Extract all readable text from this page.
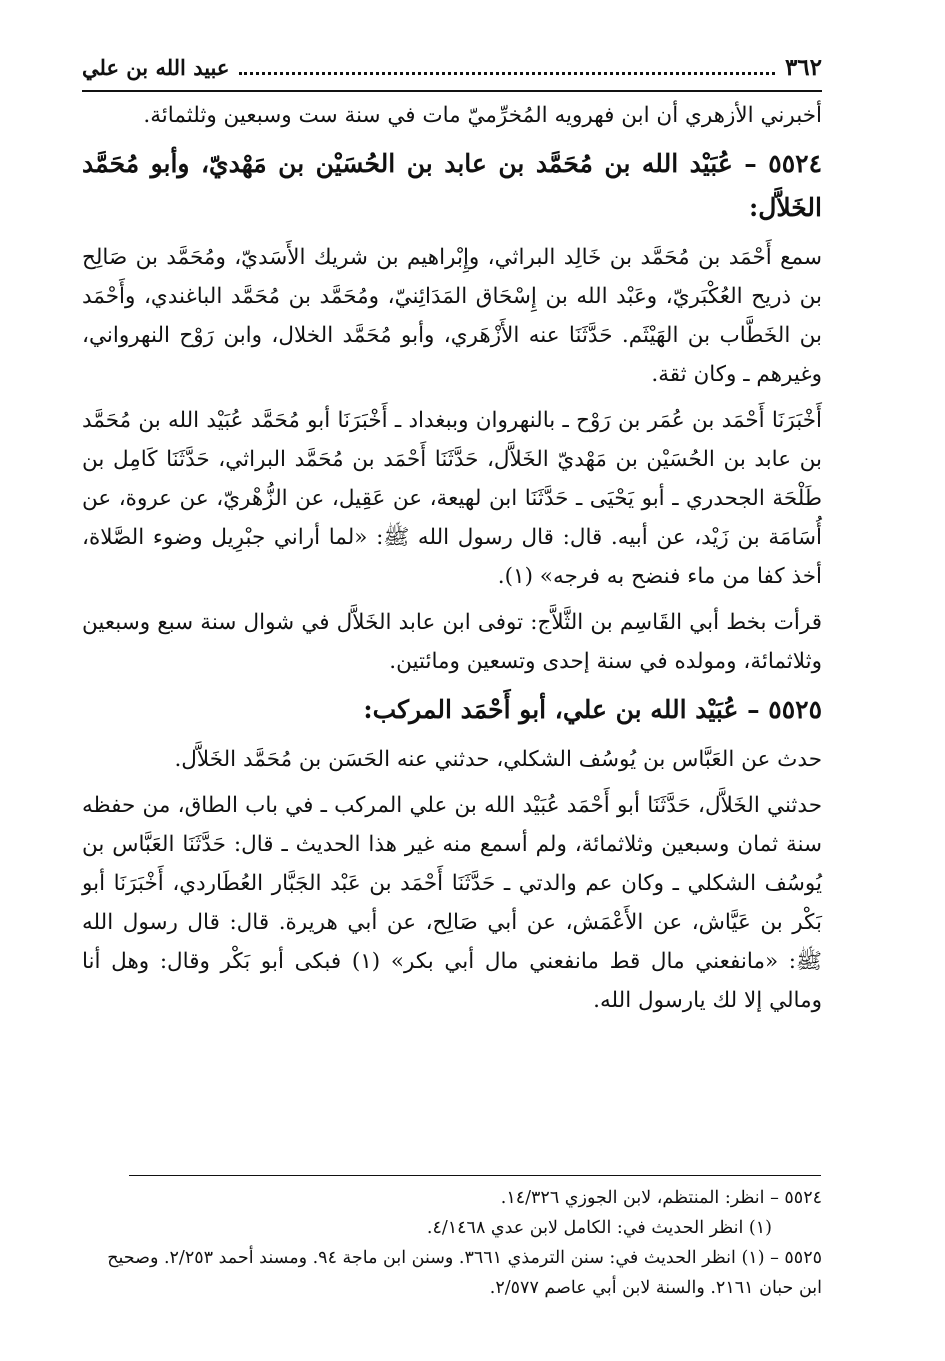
٣٦٢
عبيد الله بن علي

أخبرني الأزهري أن ابن فهرويه المُخرِّميّ مات في سنة ست وسبعين وثلثمائة.

٥٥٢٤ – عُبَيْد الله بن مُحَمَّد بن عابد بن الحُسَيْن بن مَهْديّ، وأبو مُحَمَّد الخَلاَّل:

سمع أَحْمَد بن مُحَمَّد بن خَالِد البراثي، وإِبْراهيم بن شريك الأَسَديّ، ومُحَمَّد بن صَالِح بن ذريح العُكْبَريّ، وعَبْد الله بن إِسْحَاق المَدَائِنيّ، ومُحَمَّد بن مُحَمَّد الباغندي، وأَحْمَد بن الخَطَّاب بن الهَيْثَم. حَدَّثَنَا عنه الأَزْهَري، وأبو مُحَمَّد الخلال، وابن رَوْح النهرواني، وغيرهم ـ وكان ثقة.

أَخْبَرَنَا أَحْمَد بن عُمَر بن رَوْح ـ بالنهروان وببغداد ـ أَخْبَرَنَا أبو مُحَمَّد عُبَيْد الله بن مُحَمَّد بن عابد بن الحُسَيْن بن مَهْديّ الخَلاَّل، حَدَّثَنَا أَحْمَد بن مُحَمَّد البراثي، حَدَّثَنَا كَامِل بن طَلْحَة الجحدري ـ أبو يَحْيَى ـ حَدَّثَنَا ابن لهيعة، عن عَقِيل، عن الزُّهْريّ، عن عروة، عن أُسَامَة بن زَيْد، عن أبيه. قال: قال رسول الله ﷺ: «لما أراني جبْرِيل وضوء الصَّلاة، أخذ كفا من ماء فنضح به فرجه» (١).

قرأت بخط أبي القَاسِم بن الثَّلاَّج: توفى ابن عابد الخَلاَّل في شوال سنة سبع وسبعين وثلاثمائة، ومولده في سنة إحدى وتسعين ومائتين.

٥٥٢٥ – عُبَيْد الله بن علي، أبو أَحْمَد المركب:

حدث عن العَبَّاس بن يُوسُف الشكلي، حدثني عنه الحَسَن بن مُحَمَّد الخَلاَّل.

حدثني الخَلاَّل، حَدَّثَنَا أبو أَحْمَد عُبَيْد الله بن علي المركب ـ في باب الطاق، من حفظه سنة ثمان وسبعين وثلاثمائة، ولم أسمع منه غير هذا الحديث ـ قال: حَدَّثَنَا العَبَّاس بن يُوسُف الشكلي ـ وكان عم والدتي ـ حَدَّثَنَا أَحْمَد بن عَبْد الجَبَّار العُطَاردي، أَخْبَرَنَا أبو بَكْر بن عَيَّاش، عن الأَعْمَش، عن أبي صَالِح، عن أبي هريرة. قال: قال رسول الله ﷺ: «مانفعني مال قط مانفعني مال أبي بكر» (١) فبكى أبو بَكْر وقال: وهل أنا ومالي إلا لك يارسول الله.

٥٥٢٤ – انظر: المنتظم، لابن الجوزي ١٤/٣٢٦.

(١) انظر الحديث في: الكامل لابن عدي ٤/١٤٦٨.

٥٥٢٥ – (١) انظر الحديث في: سنن الترمذي ٣٦٦١. وسنن ابن ماجة ٩٤. ومسند أحمد ٢/٢٥٣. وصحيح ابن حبان ٢١٦١. والسنة لابن أبي عاصم ٢/٥٧٧.
